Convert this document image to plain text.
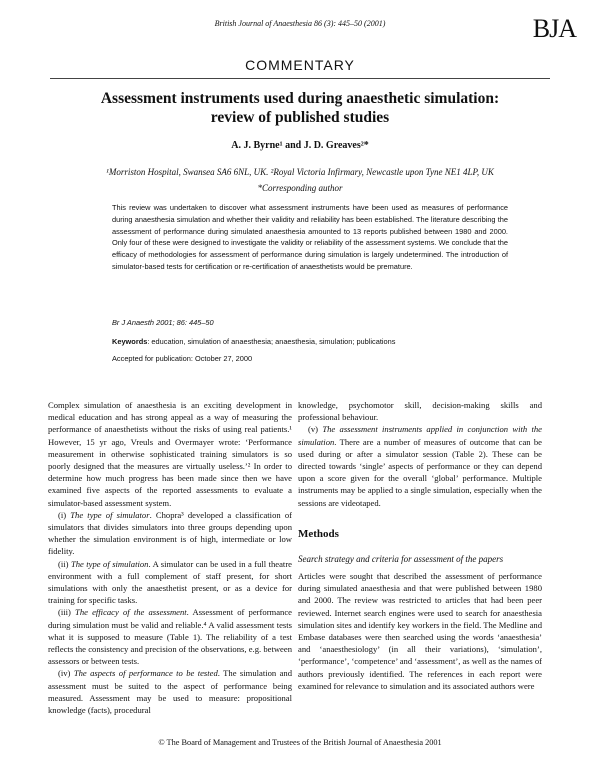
British Journal of Anaesthesia 86 (3): 445–50 (2001)	BJA
COMMENTARY
Assessment instruments used during anaesthetic simulation:
review of published studies
A. J. Byrne¹ and J. D. Greaves²*
¹Morriston Hospital, Swansea SA6 6NL, UK. ²Royal Victoria Infirmary, Newcastle upon Tyne NE1 4LP, UK
*Corresponding author
This review was undertaken to discover what assessment instruments have been used as measures of performance during anaesthesia simulation and whether their validity and reliability has been established. The literature describing the assessment of performance during simulated anaesthesia amounted to 13 reports published between 1980 and 2000. Only four of these were designed to investigate the validity or reliability of the assessment systems. We conclude that the efficacy of methodologies for assessment of performance during simulation is largely undetermined. The introduction of simulator-based tests for certification or re-certification of anaesthetists would be premature.
Br J Anaesth 2001; 86: 445–50
Keywords: education, simulation of anaesthesia; anaesthesia, simulation; publications
Accepted for publication: October 27, 2000

Complex simulation of anaesthesia is an exciting development in medical education and has strong appeal as a way of measuring the performance of anaesthetists without the risks of using real patients.¹ However, 15 yr ago, Vreuls and Overmayer wrote: ‘Performance measurement in otherwise sophisticated training simulators is so poorly designed that the measures are virtually useless.’² In order to determine how much progress has been made since then we have examined five aspects of the reported assessments to evaluate a simulator-based assessment system.

(i) The type of simulator. Chopra³ developed a classification of simulators that divides simulators into three groups depending upon whether the simulation environment is of high, intermediate or low fidelity.

(ii) The type of simulation. A simulator can be used in a full theatre environment with a full complement of staff present, for short simulations with only the anaesthetist present, or as a device for training for specific tasks.

(iii) The efficacy of the assessment. Assessment of performance during simulation must be valid and reliable.⁴ A valid assessment tests what it is supposed to measure (Table 1). The reliability of a test reflects the consistency and precision of the observations, e.g. between assessors or between tests.

(iv) The aspects of performance to be tested. The simulation and assessment must be suited to the aspect of performance being measured. Assessment may be used to measure: propositional knowledge (facts), procedural

knowledge, psychomotor skill, decision-making skills and professional behaviour.

(v) The assessment instruments applied in conjunction with the simulation. There are a number of measures of outcome that can be used during or after a simulator session (Table 2). These can be directed towards ‘single’ aspects of performance or they can depend upon a score given for the overall ‘global’ performance. Multiple instruments may be applied to a single simulation, especially when the sessions are videotaped.

Methods
Search strategy and criteria for assessment of the papers

Articles were sought that described the assessment of performance during simulated anaesthesia and that were published between 1980 and 2000. The review was restricted to articles that had been peer reviewed. Internet search engines were used to search for anaesthesia simulation sites and identify key workers in the field. The Medline and Embase databases were then searched using the words ‘anaesthesia’ and ‘anaesthesiology’ (in all their variations), ‘simulation’, ‘performance’, ‘competence’ and ‘assessment’, as well as the names of authors previously identified. The references in each report were examined for relevance to simulation and its associated authors were

© The Board of Management and Trustees of the British Journal of Anaesthesia 2001
